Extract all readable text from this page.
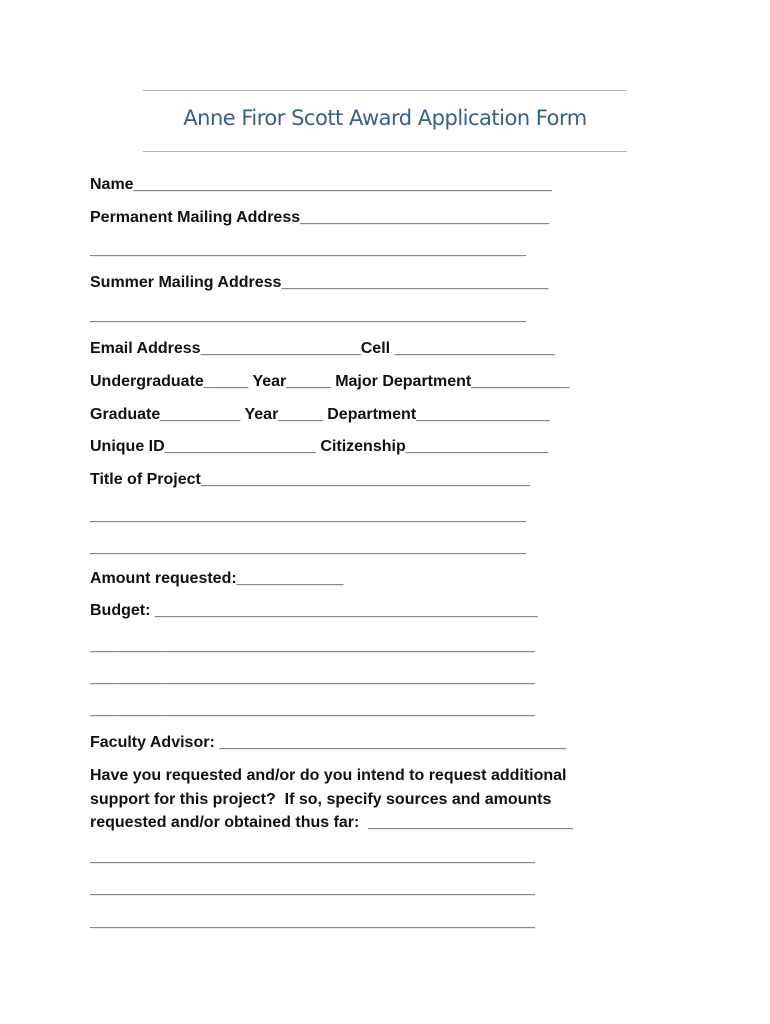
Anne Firor Scott Award Application Form

Name_______________________________________________

Permanent Mailing Address____________________________

_________________________________________________

Summer Mailing Address______________________________

_________________________________________________

Email Address__________________Cell __________________

Undergraduate_____ Year_____ Major Department___________

Graduate_________ Year_____ Department_______________

Unique ID_________________ Citizenship________________

Title of Project_____________________________________

_________________________________________________

_________________________________________________

Amount requested:____________

Budget: ___________________________________________

__________________________________________________

__________________________________________________

__________________________________________________

Faculty Advisor: _______________________________________

Have you requested and/or do you intend to request additional
support for this project?  If so, specify sources and amounts
requested and/or obtained thus far:  _______________________

__________________________________________________

__________________________________________________

__________________________________________________
